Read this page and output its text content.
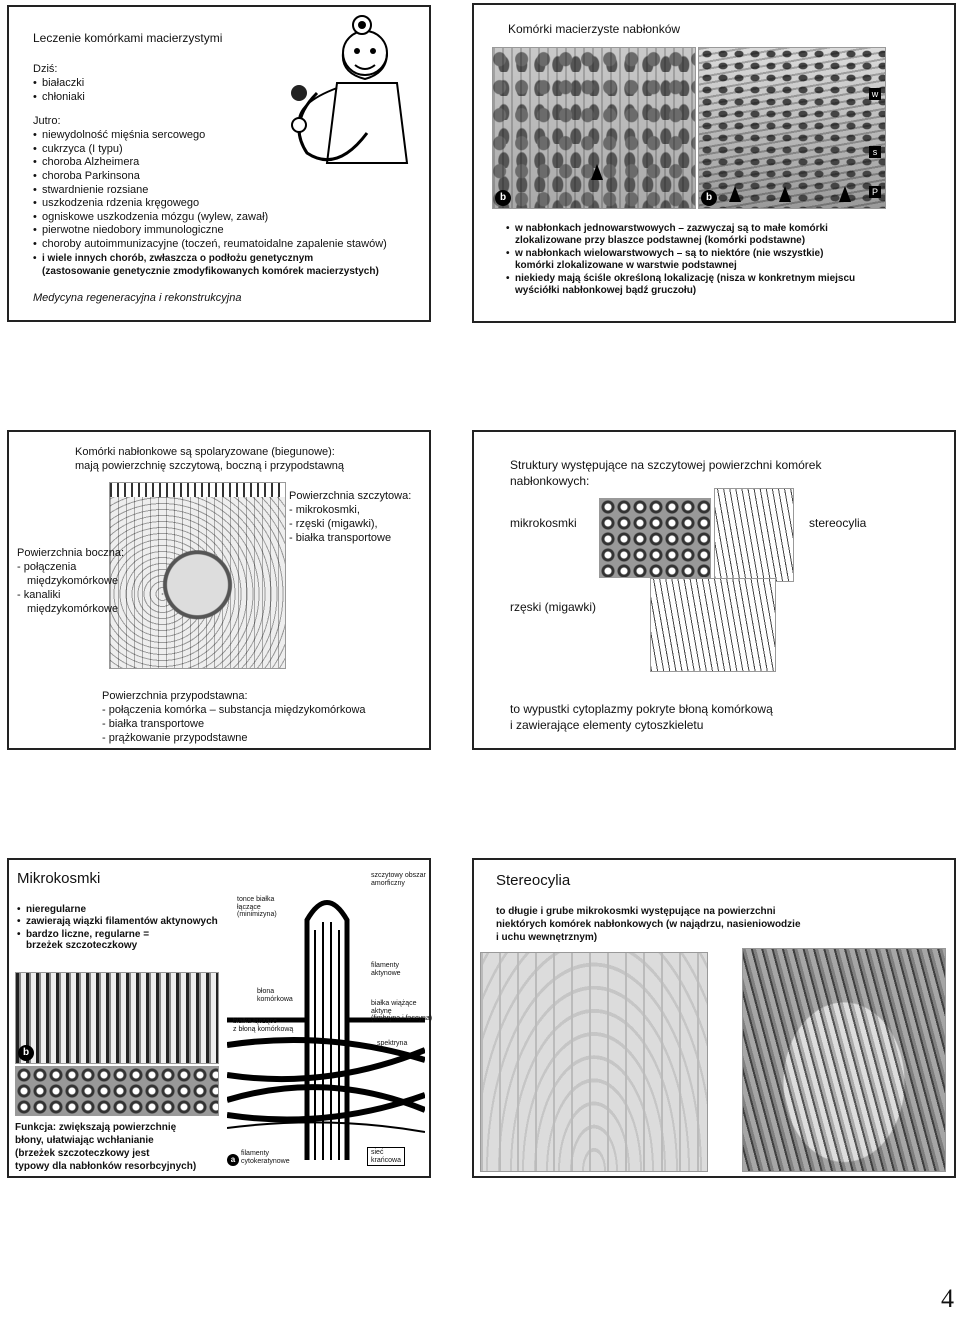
Leczenie komórkami macierzystymi
Dziś:
• białaczki
• chłoniaki
Jutro:
• niewydolność mięśnia sercowego
• cukrzyca (I typu)
• choroba Alzheimera
• choroba Parkinsona
• stwardnienie rozsiane
• uszkodzenia rdzenia kręgowego
• ogniskowe uszkodzenia mózgu (wylew, zawał)
• pierwotne niedobory immunologiczne
• choroby autoimmunizacyjne (toczeń, reumatoidalne zapalenie stawów)
• i wiele innych chorób, zwłaszcza o podłożu genetycznym
(zastosowanie genetycznie zmodyfikowanych komórek macierzystych)
Medycyna regeneracyjna i rekonstrukcyjna
Komórki macierzyste nabłonków
b	b
w
s
P
• w nabłonkach jednowarstwowych – zazwyczaj są to małe komórki
zlokalizowane przy blaszce podstawnej (komórki podstawne)
• w nabłonkach wielowarstwowych – są to niektóre (nie wszystkie)
komórki zlokalizowane w warstwie podstawnej
• niekiedy mają ściśle określoną lokalizację (nisza w konkretnym miejscu
wyściółki nabłonkowej bądź gruczołu)
Komórki nabłonkowe są spolaryzowane (biegunowe):
mają powierzchnię szczytową, boczną i przypodstawną
Powierzchnia szczytowa:
- mikrokosmki,
- rzęski (migawki),
- białka transportowe
Powierzchnia boczna:
- połączenia
międzykomórkowe
- kanaliki
międzykomórkowe
Powierzchnia przypodstawna:
- połączenia komórka – substancja międzykomórkowa
- białka transportowe
- prążkowanie przypodstawne
Struktury występujące na szczytowej powierzchni komórek
nabłonkowych:
mikrokosmki	stereocylia
rzęski (migawki)
to wypustki cytoplazmy pokryte błoną komórkową
i zawierające elementy cytoszkieletu
Mikrokosmki
• nieregularne
• zawierają wiązki filamentów aktynowych
• bardzo liczne, regularne =
brzeżek szczoteczkowy
b
Funkcja: zwiększają powierzchnię
błony, ułatwiając wchłanianie
(brzeżek szczoteczkowy jest
typowy dla nabłonków resorbcyjnych)
tonce białka
łączące
(minimizyna)
szczytowy obszar
amorficzny
filamenty
aktynowe
błona
komórkowa
białka wiążące
aktynę
(fimbryna i fascyna)
białka łączące
z błoną komórkową
spektryna
a
filamenty
cytokeratynowe
sieć
krańcowa
Stereocylia
to długie i grube mikrokosmki występujące na powierzchni
niektórych komórek nabłonkowych (w najądrzu, nasieniowodzie
i uchu wewnętrznym)
4
